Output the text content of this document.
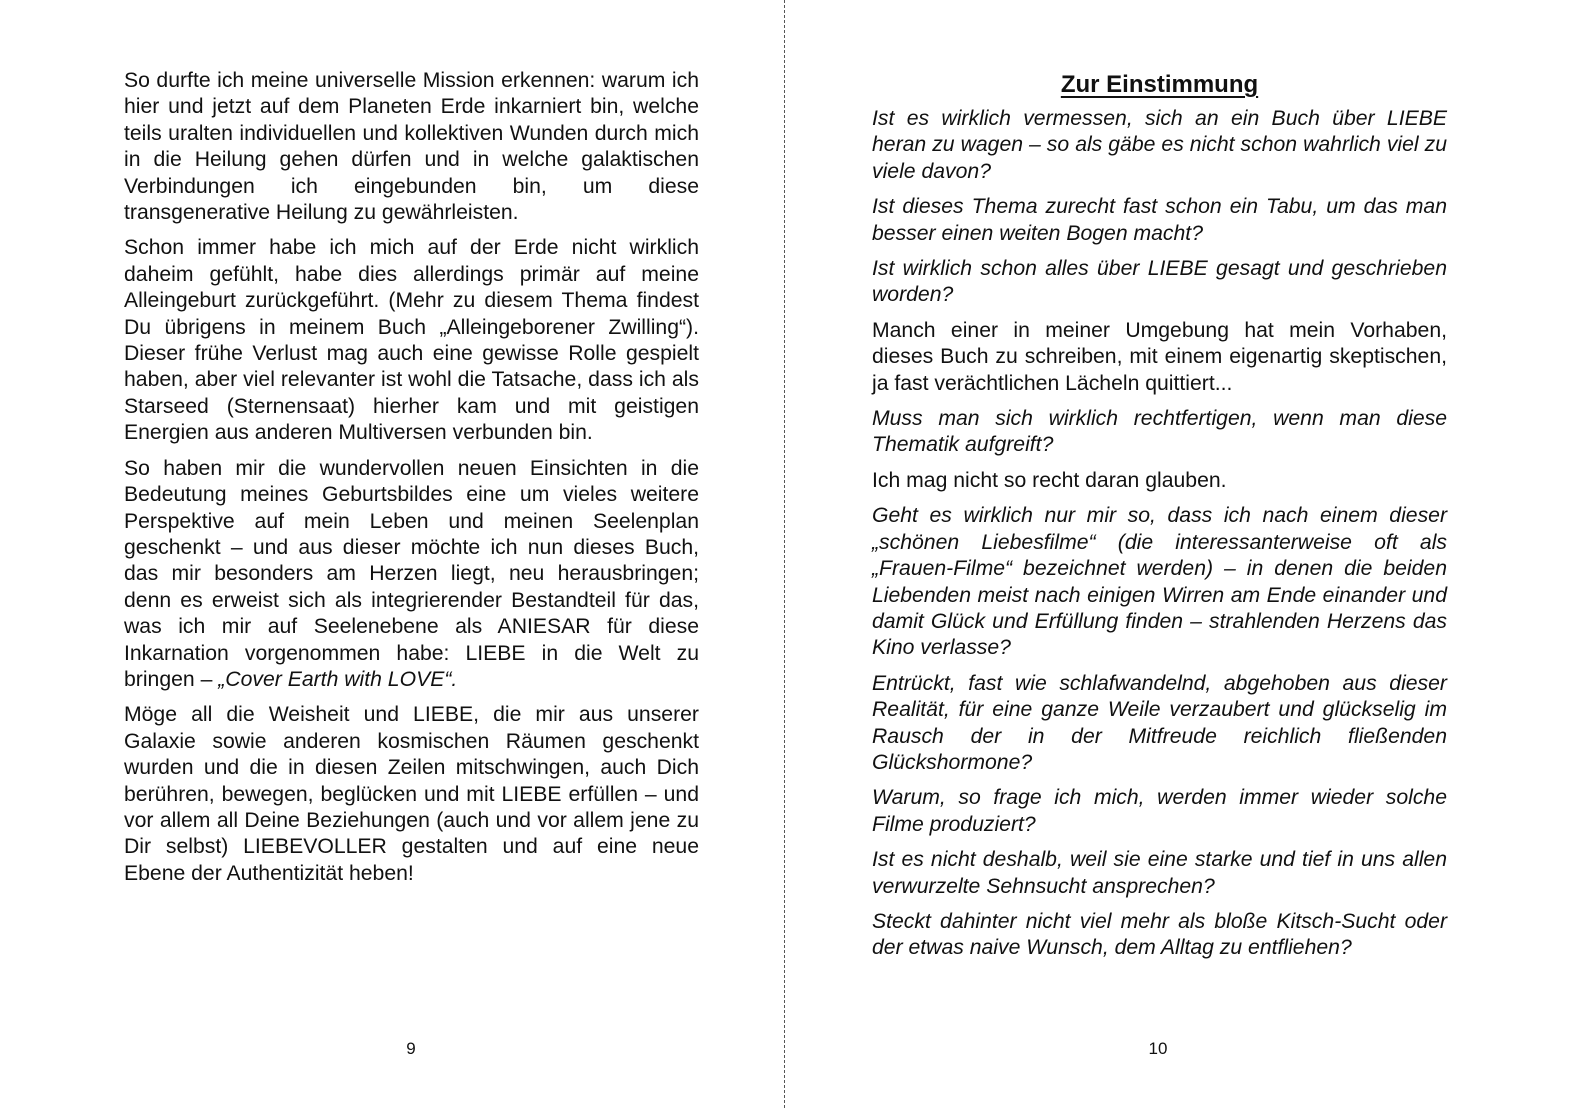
So durfte ich meine universelle Mission erkennen: warum ich hier und jetzt auf dem Planeten Erde inkarniert bin, welche teils uralten individuellen und kollektiven Wunden durch mich in die Heilung gehen dürfen und in welche galaktischen Verbindungen ich eingebunden bin, um diese transgenerative Heilung zu gewährleisten.

Schon immer habe ich mich auf der Erde nicht wirklich daheim gefühlt, habe dies allerdings primär auf meine Alleingeburt zurückgeführt. (Mehr zu diesem Thema findest Du übrigens in meinem Buch „Alleingeborener Zwilling“). Dieser frühe Verlust mag auch eine gewisse Rolle gespielt haben, aber viel relevanter ist wohl die Tatsache, dass ich als Starseed (Sternensaat) hierher kam und mit geistigen Energien aus anderen Multiversen verbunden bin.

So haben mir die wundervollen neuen Einsichten in die Bedeutung meines Geburtsbildes eine um vieles weitere Perspektive auf mein Leben und meinen Seelenplan geschenkt – und aus dieser möchte ich nun dieses Buch, das mir besonders am Herzen liegt, neu herausbringen; denn es erweist sich als integrierender Bestandteil für das, was ich mir auf Seelenebene als ANIESAR für diese Inkarnation vorgenommen habe: LIEBE in die Welt zu bringen – „Cover Earth with LOVE“.

Möge all die Weisheit und LIEBE, die mir aus unserer Galaxie sowie anderen kosmischen Räumen geschenkt wurden und die in diesen Zeilen mitschwingen, auch Dich berühren, bewegen, beglücken und mit LIEBE erfüllen – und vor allem all Deine Beziehungen (auch und vor allem jene zu Dir selbst) LIEBEVOLLER gestalten und auf eine neue Ebene der Authentizität heben!

9
Zur Einstimmung

Ist es wirklich vermessen, sich an ein Buch über LIEBE heran zu wagen – so als gäbe es nicht schon wahrlich viel zu viele davon?

Ist dieses Thema zurecht fast schon ein Tabu, um das man besser einen weiten Bogen macht?

Ist wirklich schon alles über LIEBE gesagt und geschrieben worden?

Manch einer in meiner Umgebung hat mein Vorhaben, dieses Buch zu schreiben, mit einem eigenartig skeptischen, ja fast verächtlichen Lächeln quittiert...

Muss man sich wirklich rechtfertigen, wenn man diese Thematik aufgreift?

Ich mag nicht so recht daran glauben.

Geht es wirklich nur mir so, dass ich nach einem dieser „schönen Liebesfilme“ (die interessanterweise oft als „Frauen-Filme“ bezeichnet werden) – in denen die beiden Liebenden meist nach einigen Wirren am Ende einander und damit Glück und Erfüllung finden – strahlenden Herzens das Kino verlasse?

Entrückt, fast wie schlafwandelnd, abgehoben aus dieser Realität, für eine ganze Weile verzaubert und glückselig im Rausch der in der Mitfreude reichlich fließenden Glückshormone?

Warum, so frage ich mich, werden immer wieder solche Filme produziert?

Ist es nicht deshalb, weil sie eine starke und tief in uns allen verwurzelte Sehnsucht ansprechen?

Steckt dahinter nicht viel mehr als bloße Kitsch-Sucht oder der etwas naive Wunsch, dem Alltag zu entfliehen?

10
